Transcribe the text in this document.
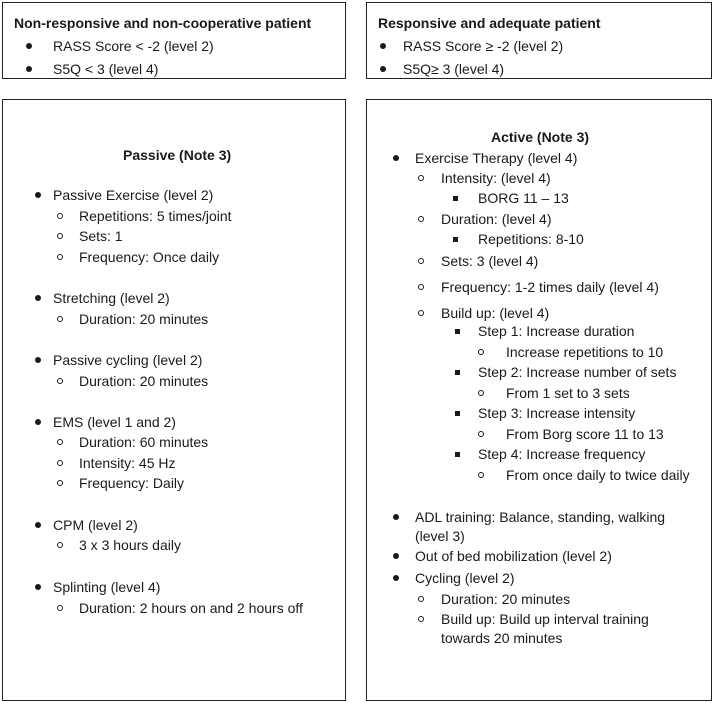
Non-responsive and non-cooperative patient
RASS Score < -2 (level 2)
S5Q < 3 (level 4)
Responsive and adequate patient
RASS Score ≥ -2 (level 2)
S5Q≥ 3 (level 4)
Passive (Note 3)
Passive Exercise (level 2)
Repetitions: 5 times/joint
Sets: 1
Frequency: Once daily
Stretching (level 2)
Duration: 20 minutes
Passive cycling (level 2)
Duration: 20 minutes
EMS (level 1 and 2)
Duration: 60 minutes
Intensity: 45 Hz
Frequency: Daily
CPM (level 2)
3 x 3 hours daily
Splinting (level 4)
Duration: 2 hours on and 2 hours off
Active (Note 3)
Exercise Therapy (level 4)
Intensity: (level 4)
BORG 11 – 13
Duration: (level 4)
Repetitions: 8-10
Sets: 3 (level 4)
Frequency: 1-2 times daily (level 4)
Build up: (level 4)
Step 1: Increase duration
Increase repetitions to 10
Step 2: Increase number of sets
From 1 set to 3 sets
Step 3: Increase intensity
From Borg score 11 to 13
Step 4: Increase frequency
From once daily to twice daily
ADL training: Balance, standing, walking
(level 3)
Out of bed mobilization (level 2)
Cycling (level 2)
Duration: 20 minutes
Build up: Build up interval training
towards 20 minutes
